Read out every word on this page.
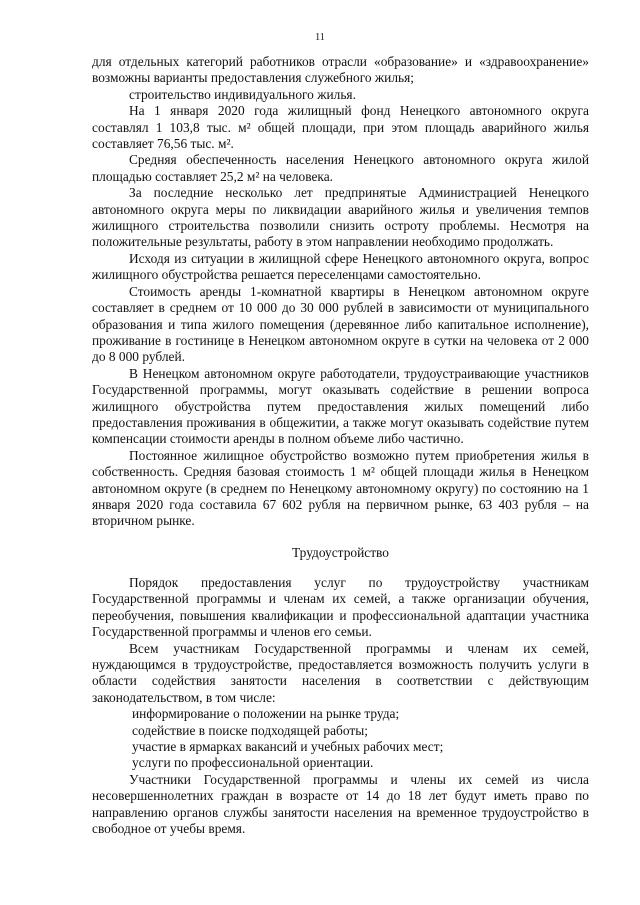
11

для отдельных категорий работников отрасли «образование» и «здравоохранение» возможны варианты предоставления служебного жилья;

строительство индивидуального жилья.

На 1 января 2020 года жилищный фонд Ненецкого автономного округа составлял 1 103,8 тыс. м² общей площади, при этом площадь аварийного жилья составляет 76,56 тыс. м².

Средняя обеспеченность населения Ненецкого автономного округа жилой площадью составляет 25,2 м² на человека.

За последние несколько лет предпринятые Администрацией Ненецкого автономного округа меры по ликвидации аварийного жилья и увеличения темпов жилищного строительства позволили снизить остроту проблемы. Несмотря на положительные результаты, работу в этом направлении необходимо продолжать.

Исходя из ситуации в жилищной сфере Ненецкого автономного округа, вопрос жилищного обустройства решается переселенцами самостоятельно.

Стоимость аренды 1-комнатной квартиры в Ненецком автономном округе составляет в среднем от 10 000 до 30 000 рублей в зависимости от муниципального образования и типа жилого помещения (деревянное либо капитальное исполнение), проживание в гостинице в Ненецком автономном округе в сутки на человека от 2 000 до 8 000 рублей.

В Ненецком автономном округе работодатели, трудоустраивающие участников Государственной программы, могут оказывать содействие в решении вопроса жилищного обустройства путем предоставления жилых помещений либо предоставления проживания в общежитии, а также могут оказывать содействие путем компенсации стоимости аренды в полном объеме либо частично.

Постоянное жилищное обустройство возможно путем приобретения жилья в собственность. Средняя базовая стоимость 1 м² общей площади жилья в Ненецком автономном округе (в среднем по Ненецкому автономному округу) по состоянию на 1 января 2020 года составила 67 602 рубля на первичном рынке, 63 403 рубля – на вторичном рынке.

Трудоустройство

Порядок предоставления услуг по трудоустройству участникам Государственной программы и членам их семей, а также организации обучения, переобучения, повышения квалификации и профессиональной адаптации участника Государственной программы и членов его семьи.

Всем участникам Государственной программы и членам их семей, нуждающимся в трудоустройстве, предоставляется возможность получить услуги в области содействия занятости населения в соответствии с действующим законодательством, в том числе:

информирование о положении на рынке труда;

содействие в поиске подходящей работы;

участие в ярмарках вакансий и учебных рабочих мест;

услуги по профессиональной ориентации.

Участники Государственной программы и члены их семей из числа несовершеннолетних граждан в возрасте от 14 до 18 лет будут иметь право по направлению органов службы занятости населения на временное трудоустройство в свободное от учебы время.
